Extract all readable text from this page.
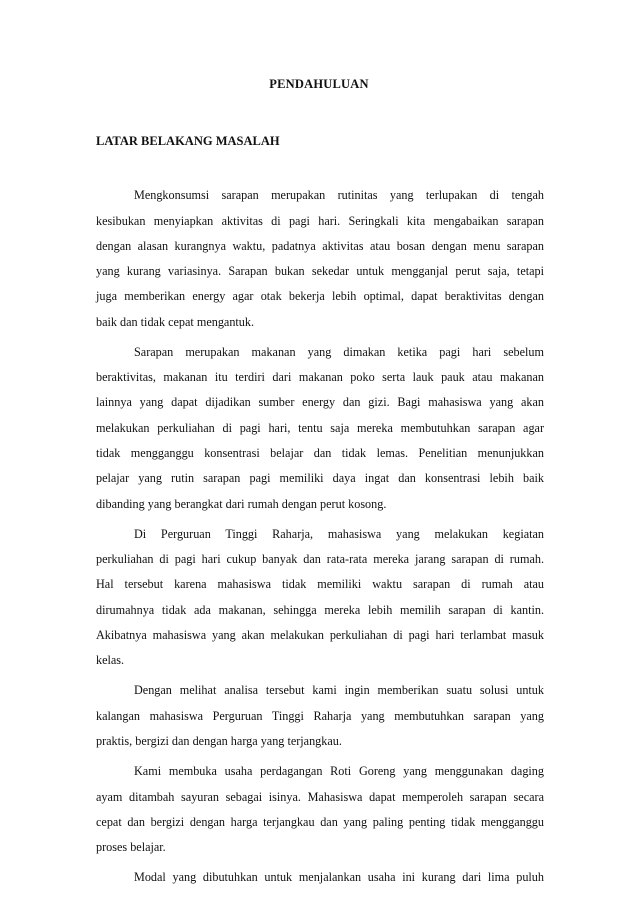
PENDAHULUAN
LATAR BELAKANG MASALAH
Mengkonsumsi sarapan merupakan rutinitas yang terlupakan di tengah
kesibukan menyiapkan aktivitas di pagi hari. Seringkali kita mengabaikan sarapan
dengan alasan kurangnya waktu, padatnya aktivitas atau bosan dengan menu sarapan
yang kurang variasinya. Sarapan bukan sekedar untuk mengganjal perut saja, tetapi
juga memberikan energy agar otak bekerja lebih optimal, dapat beraktivitas dengan
baik dan tidak cepat mengantuk.
Sarapan merupakan makanan yang dimakan ketika pagi hari sebelum
beraktivitas, makanan itu terdiri dari makanan poko serta lauk pauk atau makanan
lainnya yang dapat dijadikan sumber energy dan gizi. Bagi mahasiswa yang akan
melakukan perkuliahan di pagi hari, tentu saja mereka membutuhkan sarapan agar
tidak mengganggu konsentrasi belajar dan tidak lemas. Penelitian menunjukkan
pelajar yang rutin sarapan pagi memiliki daya ingat dan konsentrasi lebih baik
dibanding yang berangkat dari rumah dengan perut kosong.
Di Perguruan Tinggi Raharja, mahasiswa yang melakukan kegiatan
perkuliahan di pagi hari cukup banyak dan rata-rata mereka jarang sarapan di rumah.
Hal tersebut karena mahasiswa tidak memiliki waktu sarapan di rumah atau
dirumahnya tidak ada makanan, sehingga mereka lebih memilih sarapan di kantin.
Akibatnya mahasiswa yang akan melakukan perkuliahan di pagi hari terlambat masuk
kelas.
Dengan melihat analisa tersebut kami ingin memberikan suatu solusi untuk
kalangan mahasiswa Perguruan Tinggi Raharja yang membutuhkan sarapan yang
praktis, bergizi dan dengan harga yang terjangkau.
Kami membuka usaha perdagangan Roti Goreng yang menggunakan daging
ayam ditambah sayuran sebagai isinya. Mahasiswa dapat memperoleh sarapan secara
cepat dan bergizi dengan harga terjangkau dan yang paling penting tidak mengganggu
proses belajar.
Modal yang dibutuhkan untuk menjalankan usaha ini kurang dari lima puluh
